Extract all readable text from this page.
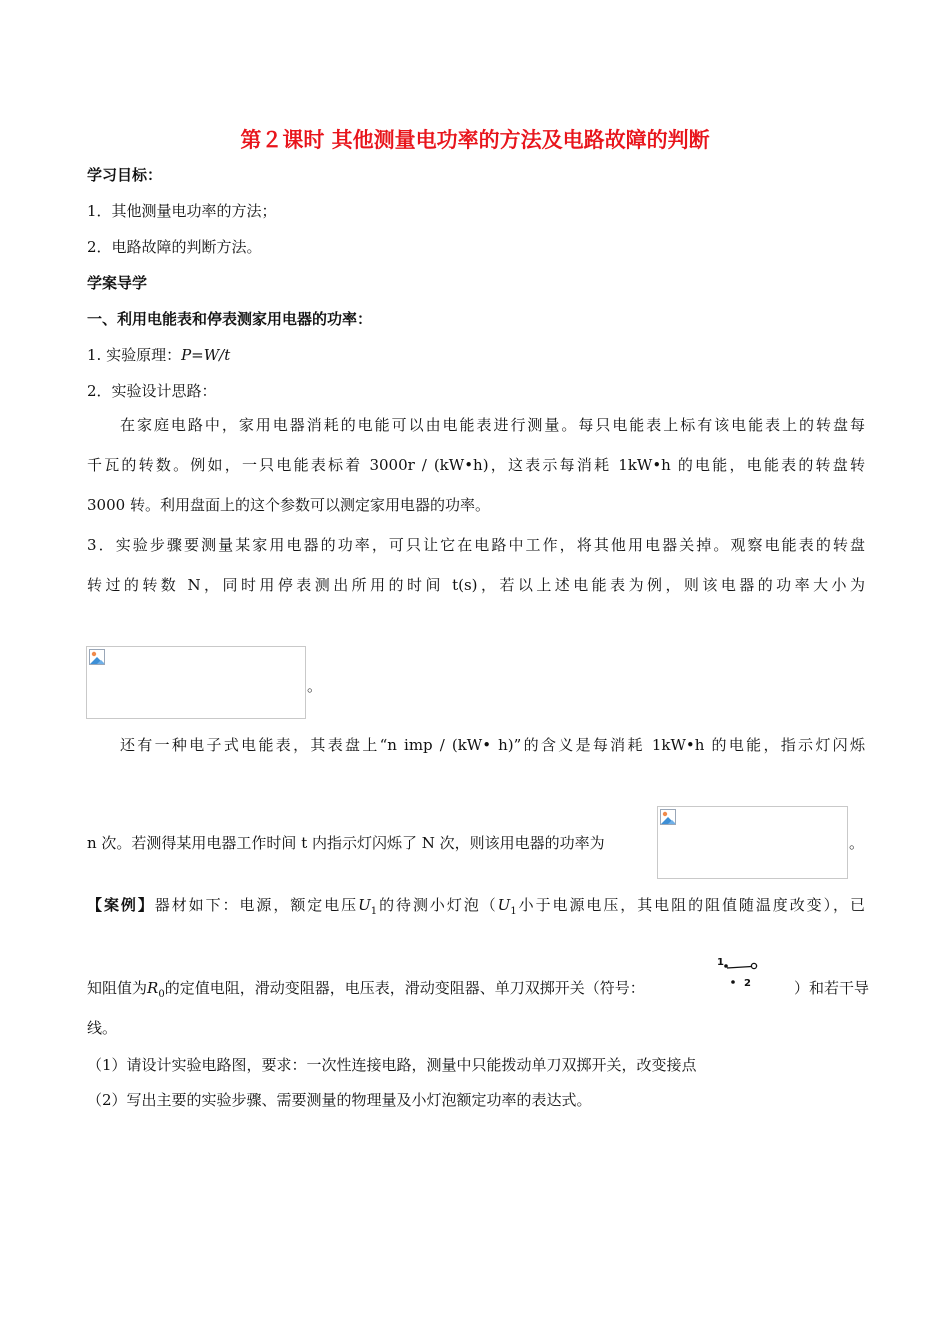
第２课时 其他测量电功率的方法及电路故障的判断
学习目标：
1．其他测量电功率的方法；
2．电路故障的判断方法。
学案导学
一、利用电能表和停表测家用电器的功率：
1. 实验原理：P=W/t
2．实验设计思路：
在家庭电路中，家用电器消耗的电能可以由电能表进行测量。每只电能表上标有该电能表上的转盘每
千瓦的转数。例如，一只电能表标着 3000r / (kW•h)，这表示每消耗 1kW•h 的电能，电能表的转盘转
3000 转。利用盘面上的这个参数可以测定家用电器的功率。
3．实验步骤要测量某家用电器的功率，可只让它在电路中工作，将其他用电器关掉。观察电能表的转盘
转过的转数 N，同时用停表测出所用的时间 t(s)，若以上述电能表为例，则该电器的功率大小为
。
还有一种电子式电能表，其表盘上“n imp / (kW• h)”的含义是每消耗 1kW•h 的电能，指示灯闪烁
n 次。若测得某用电器工作时间 t 内指示灯闪烁了 N 次，则该用电器的功率为	。
【案例】器材如下：电源，额定电压$U_1$的待测小灯泡（$U_1$小于电源电压，其电阻的阻值随温度改变），已
知阻值为$R_0$的定值电阻，滑动变阻器，电压表，滑动变阻器、单刀双掷开关（符号：
1
2	）和若干导
线。
（1）请设计实验电路图，要求：一次性连接电路，测量中只能拨动单刀双掷开关，改变接点
（2）写出主要的实验步骤、需要测量的物理量及小灯泡额定功率的表达式。
